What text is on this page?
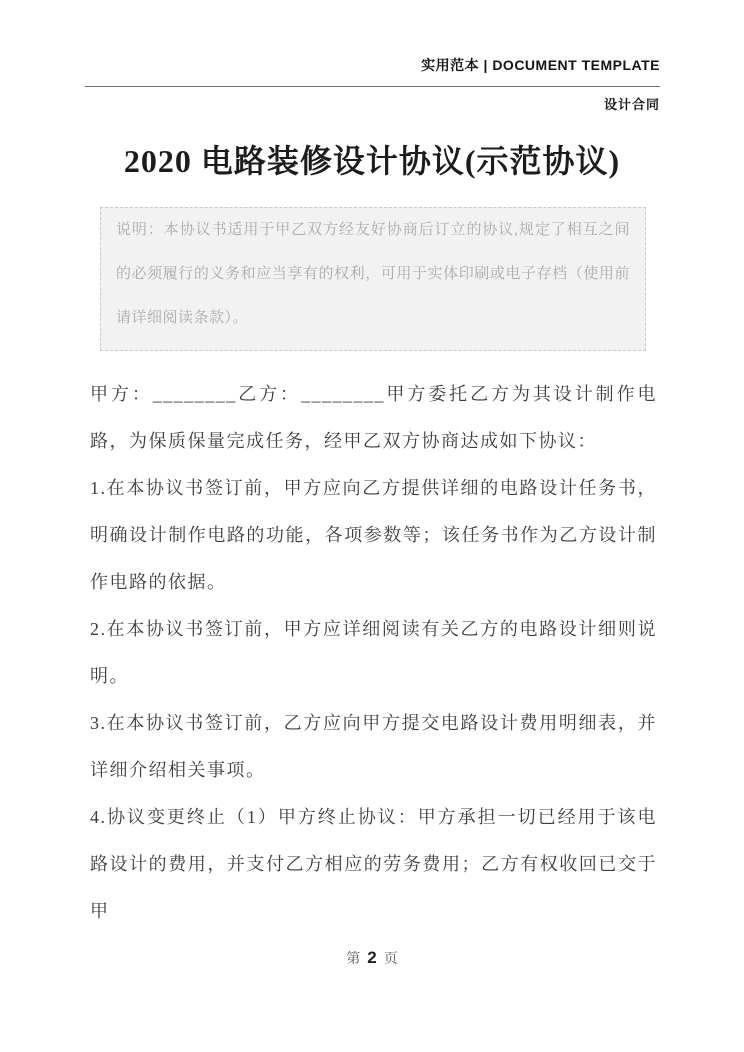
实用范本 | DOCUMENT TEMPLATE
设计合同
2020 电路装修设计协议(示范协议)

说明：本协议书适用于甲乙双方经友好协商后订立的协议,规定了相互之间的必须履行的义务和应当享有的权利，可用于实体印刷或电子存档（使用前请详细阅读条款）。

甲方：________乙方：________甲方委托乙方为其设计制作电路，为保质保量完成任务，经甲乙双方协商达成如下协议：

1.在本协议书签订前，甲方应向乙方提供详细的电路设计任务书，明确设计制作电路的功能，各项参数等；该任务书作为乙方设计制作电路的依据。

2.在本协议书签订前，甲方应详细阅读有关乙方的电路设计细则说明。

3.在本协议书签订前，乙方应向甲方提交电路设计费用明细表，并详细介绍相关事项。

4.协议变更终止（1）甲方终止协议：甲方承担一切已经用于该电路设计的费用，并支付乙方相应的劳务费用；乙方有权收回已交于甲

第 2 页
